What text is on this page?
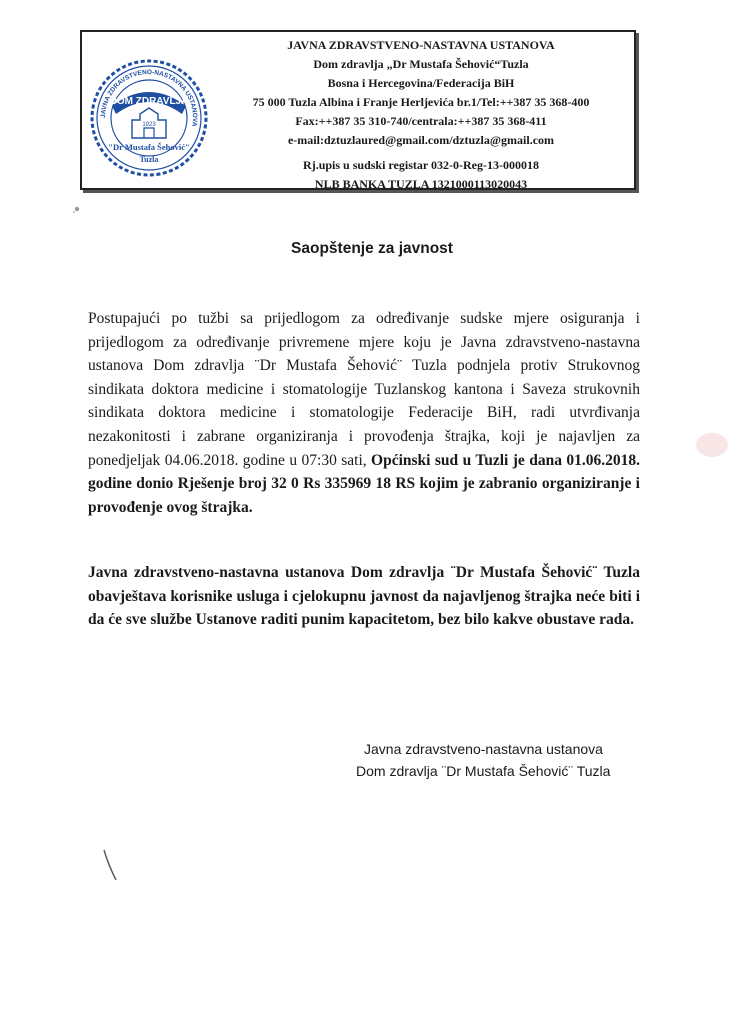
JAVNA ZDRAVSTVENO-NASTAVNA USTANOVA
DOM ZDRAVLJA
1923
"Dr Mustafa Šehović"
Tuzla
JAVNA ZDRAVSTVENO-NASTAVNA USTANOVA
Dom zdravlja „Dr Mustafa Šehović“Tuzla
Bosna i Hercegovina/Federacija BiH
75 000 Tuzla Albina i Franje Herljevića br.1/Tel:++387 35 368-400
Fax:++387 35 310-740/centrala:++387 35 368-411
e-mail:dztuzlaured@gmail.com/dztuzla@gmail.com
Rj.upis u sudski registar 032-0-Reg-13-000018
NLB BANKA TUZLA 1321000113020043
Saopštenje za javnost
Postupajući po tužbi sa prijedlogom za određivanje sudske mjere osiguranja i prijedlogom za određivanje privremene mjere koju je Javna zdravstveno-nastavna ustanova Dom zdravlja ¨Dr Mustafa Šehović¨ Tuzla podnjela protiv Strukovnog sindikata doktora medicine i stomatologije Tuzlanskog kantona i Saveza strukovnih sindikata doktora medicine i stomatologije Federacije BiH, radi utvrđivanja nezakonitosti i zabrane organiziranja i provođenja štrajka, koji je najavljen za ponedjeljak 04.06.2018. godine u 07:30 sati, Općinski sud u Tuzli je dana 01.06.2018. godine donio Rješenje broj 32 0 Rs 335969 18 RS kojim je zabranio organiziranje i provođenje ovog štrajka.
Javna zdravstveno-nastavna ustanova Dom zdravlja ¨Dr Mustafa Šehović¨ Tuzla obavještava korisnike usluga i cjelokupnu javnost da najavljenog štrajka neće biti i da će sve službe Ustanove raditi punim kapacitetom, bez bilo kakve obustave rada.
Javna zdravstveno-nastavna ustanova
Dom zdravlja ¨Dr Mustafa Šehović¨ Tuzla
